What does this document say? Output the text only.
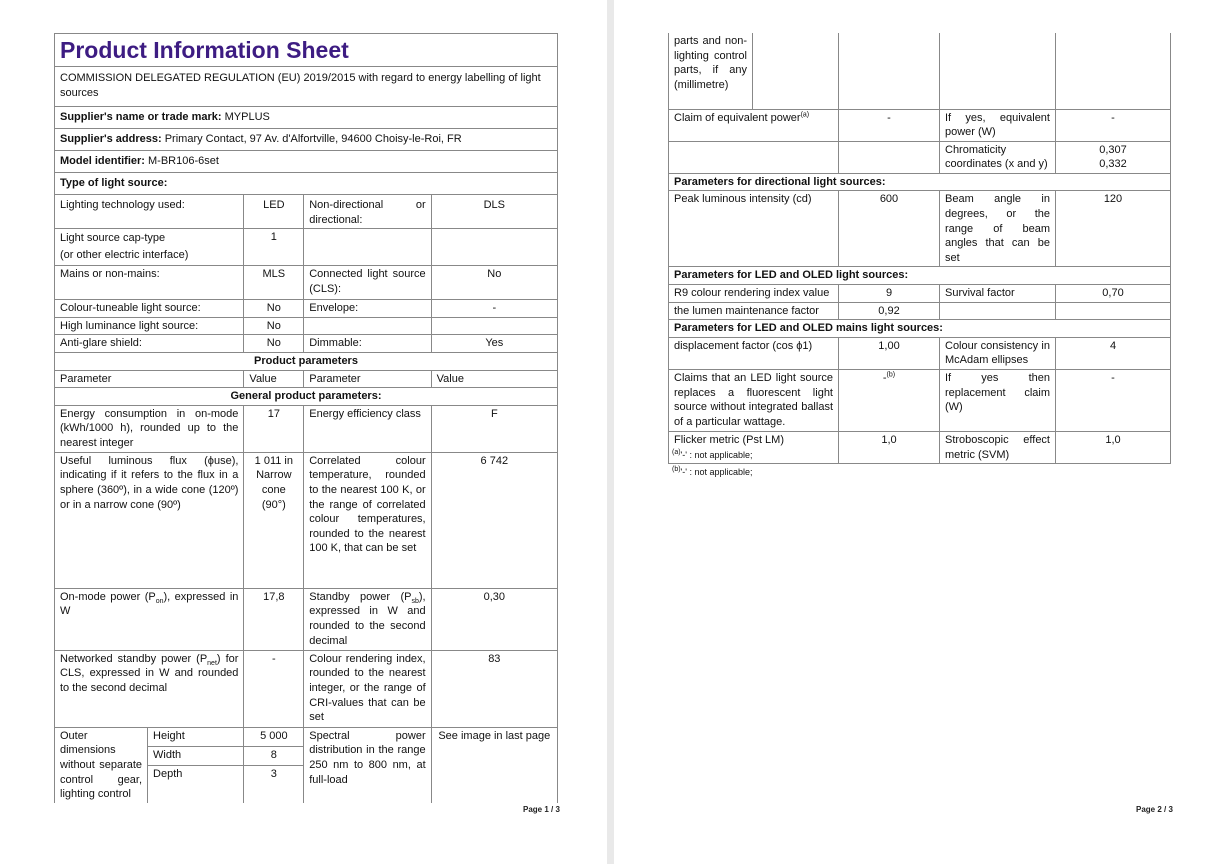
Product Information Sheet				
COMMISSION DELEGATED REGULATION (EU) 2019/2015 with regard to energy labelling of light sources				
Supplier's name or trade mark: MYPLUS				
Supplier's address: Primary Contact, 97 Av. d'Alfortville, 94600 Choisy-le-Roi, FR				
Model identifier: M-BR106-6set				
Type of light source:				
Lighting technology used:		LED	Non-directional or directional:	DLS
Light source cap-type
(or other electric interface)		1		
Mains or non-mains:		MLS	Connected light source (CLS):	No
Colour-tuneable light source:		No	Envelope:	-
High luminance light source:		No		
Anti-glare shield:		No	Dimmable:	Yes
Product parameters				
Parameter		Value	Parameter	Value
General product parameters:				
Energy consumption in on-mode (kWh/1000 h), rounded up to the nearest integer		17	Energy efficiency class	F
Useful luminous flux (ϕuse), indicating if it refers to the flux in a sphere (360º), in a wide cone (120º) or in a narrow cone (90º)		1 011 in Narrow cone (90°)	Correlated colour temperature, rounded to the nearest 100 K, or the range of correlated colour temperatures, rounded to the nearest 100 K, that can be set	6 742
On-mode power $(P_{on})$, expressed in W		17,8	Standby power $(P_{sb})$, expressed in W and rounded to the second decimal	0,30
Networked standby power $(P_{net})$ for CLS, expressed in W and rounded to the second decimal		-	Colour rendering index, rounded to the nearest integer, or the range of CRI-values that can be set	83
Outer dimensions without separate control gear, lighting control	Height	5 000	Spectral power distribution in the range 250 nm to 800 nm, at full-load	See image in last page
	Width	8		
	Depth	3		
Page 1 / 3
parts and non-lighting control parts, if any (millimetre)				
Claim of equivalent power$^{(a)}$		-	If yes, equivalent power (W)	-
			Chromaticity coordinates (x and y)	0,307
0,332
Parameters for directional light sources:				
Peak luminous intensity (cd)		600	Beam angle in degrees, or the range of beam angles that can be set	120
Parameters for LED and OLED light sources:				
R9 colour rendering index value		9	Survival factor	0,70
the lumen maintenance factor		0,92		
Parameters for LED and OLED mains light sources:				
displacement factor (cos ϕ1)		1,00	Colour consistency in McAdam ellipses	4
Claims that an LED light source replaces a fluorescent light source without integrated ballast of a particular wattage.		-$^{(b)}$	If yes then replacement claim (W)	-
Flicker metric (Pst LM)		1,0	Stroboscopic effect metric (SVM)	1,0
Page 2 / 3
$^{(a)}$'-' : not applicable;
$^{(b)}$'-' : not applicable;
